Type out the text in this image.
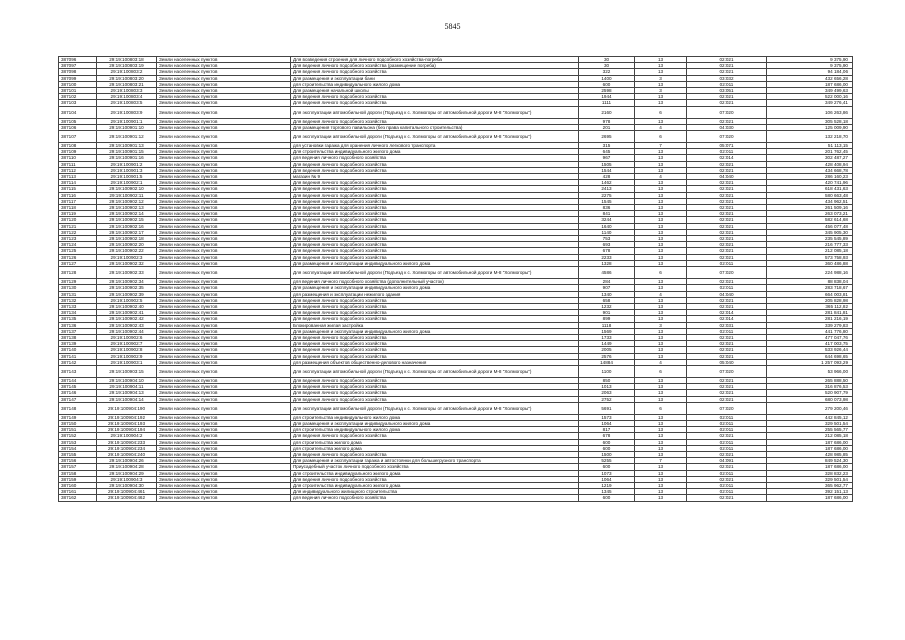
5845
387096	29:19:100803:18	Земли населенных пунктов	Для возведения строения для личного подсобного хозяйства-погреба	30	13	02:021	9 375,90
387097	29:19:100803:19	Земли населенных пунктов	Для ведения личного подсобного хозяйства (размещение погреба)	30	13	02:021	9 375,90
387098	29:19:100803:2	Земли населенных пунктов	Для ведения личного подсобного хозяйства	322	13	02:021	94 184,06
387099	29:19:100803:20	Земли населенных пунктов	Для размещения и эксплуатации бани	1400	3	03:032	432 656,28
387100	29:19:100803:21	Земли населенных пунктов	для строительства индивидуального жилого дома	600	13	02:011	187 686,00
387101	29:19:100803:3	Земли населенных пунктов	Для размещения начальной школы	2598	3	03:051	349 499,63
387102	29:19:100803:4	Земли населенных пунктов	Для ведения личного подсобного хозяйства	1944	13	02:021	522 000,16
387103	29:19:100803:5	Земли населенных пунктов	Для ведения личного подсобного хозяйства	1111	13	02:021	349 276,41
387104	29:19:100803:9	Земли населенных пунктов	Для эксплуатации автомобильной дороги (Подъезд к с. Холмогоры от автомобильной дороги М-8 "Холмогоры")	2160	6	07:020	106 263,86
387105	29:19:100901:1	Земли населенных пунктов	Для ведения личного подсобного хозяйства	978	13	02:021	305 528,18
387106	29:19:100901:10	Земли населенных пунктов	Для размещения торгового павильона (без права капитального строительства)	201	4	04:030	125 009,90
387107	29:19:100901:12	Земли населенных пунктов	Для эксплуатации автомобильной дороги (Подъезд к с. Холмогоры от автомобильной дороги М-8 "Холмогоры")	2695	6	07:020	132 218,70
387108	29:19:100901:13	Земли населенных пунктов	для установки гаража для хранения личного легкового транспорта	315	7	05:071	51 113,15
387109	29:19:100901:15	Земли населенных пунктов	Для строительства индивидуального жилого дома	645	13	02:011	201 762,45
387110	29:19:100901:16	Земли населенных пунктов	для ведения личного подсобного хозяйства	967	13	02:014	302 487,27
387111	29:19:100901:2	Земли населенных пунктов	Для ведения личного подсобного хозяйства	1505	13	02:021	428 408,94
387112	29:19:100901:3	Земли населенных пунктов	Для ведения личного подсобного хозяйства	1544	13	02:021	434 668,78
387113	29:19:100901:5	Земли населенных пунктов	магазин № 9	428	4	04:040	286 160,23
387114	29:19:100902:1	Земли населенных пунктов	Для ведения личного подсобного хозяйства	1462	13	02:021	420 741,96
387115	29:19:100902:10	Земли населенных пунктов	Для ведения личного подсобного хозяйства	2413	13	02:021	618 431,63
387116	29:19:100902:11	Земли населенных пунктов	Для ведения личного подсобного хозяйства	2275	13	02:021	580 663,48
387117	29:19:100902:12	Земли населенных пунктов	Для ведения личного подсобного хозяйства	1545	13	02:021	434 962,51
387118	29:19:100902:13	Земли населенных пунктов	Для ведения личного подсобного хозяйства	836	13	02:021	261 509,16
387119	29:19:100902:14	Земли населенных пунктов	Для ведения личного подсобного хозяйства	841	13	02:021	263 073,21
387120	29:19:100902:15	Земли населенных пунктов	Для ведения личного подсобного хозяйства	3244	13	02:021	582 614,68
387121	29:19:100902:16	Земли населенных пунктов	Для ведения личного подсобного хозяйства	1640	13	02:021	456 077,48
387122	29:19:100902:17	Земли населенных пунктов	Для ведения личного подсобного хозяйства	1140	13	02:021	345 905,30
387123	29:19:100902:18	Земли населенных пунктов	Для ведения личного подсобного хозяйства	753	13	02:021	235 545,89
387124	29:19:100902:20	Земли населенных пунктов	Для ведения личного подсобного хозяйства	693	13	02:021	216 777,33
387125	29:19:100902:22	Земли населенных пунктов	Для ведения личного подсобного хозяйства	678	13	02:021	212 085,18
387126	29:19:100902:3	Земли населенных пунктов	Для ведения личного подсобного хозяйства	2233	13	02:021	573 758,93
387127	29:19:100902:32	Земли населенных пунктов	Для размещения и эксплуатации индивидуального жилого дома	1328	13	02:011	360 486,88
387128	29:19:100902:33	Земли населенных пунктов	Для эксплуатации автомобильной дороги (Подъезд к с. Холмогоры от автомобильной дороги М-8 "Холмогоры")	4586	6	07:020	224 988,16
387129	29:19:100902:34	Земли населенных пунктов	для ведения личного подсобного хозяйства (дополнительный участок)	284	13	02:021	88 838,04
387130	29:19:100902:35	Земли населенных пунктов	Для размещения и эксплуатации индивидуального жилого дома	907	13	02:011	283 718,67
387131	29:19:100902:39	Земли населенных пунктов	для размещения и эксплуатации нежилого здания	1340	4	04:040	664 003,81
387132	29:19:100902:5	Земли населенных пунктов	Для ведения личного подсобного хозяйства	658	13	02:021	205 828,98
387133	29:19:100902:40	Земли населенных пунктов	Для ведения личного подсобного хозяйства	1232	13	02:021	365 112,82
387134	29:19:100902:41	Земли населенных пунктов	Для ведения личного подсобного хозяйства	901	13	02:014	281 841,81
387135	29:19:100902:42	Земли населенных пунктов	Для ведения личного подсобного хозяйства	899	13	02:014	281 216,19
387136	29:19:100902:43	Земли населенных пунктов	Блокированная жилая застройка	1118	3	02:031	339 279,83
387137	29:19:100902:44	Земли населенных пунктов	Для размещения и эксплуатации индивидуального жилого дома	1569	13	02:011	441 776,80
387138	29:19:100902:6	Земли населенных пунктов	Для ведения личного подсобного хозяйства	1733	13	02:021	477 047,76
387139	29:19:100902:7	Земли населенных пунктов	Для ведения личного подсобного хозяйства	1449	13	02:021	417 003,75
387140	29:19:100902:8	Земли населенных пунктов	Для ведения личного подсобного хозяйства	2005	13	02:021	533 926,44
387141	29:19:100902:9	Земли населенных пунктов	Для ведения личного подсобного хозяйства	2576	13	02:021	644 698,65
387142	29:19:100903:1	Земли населенных пунктов	для размещения объектов общественно-делового назначения	14884	4	05:040	1 257 093,29
387143	29:19:100903:15	Земли населенных пунктов	Для эксплуатации автомобильной дороги (Подъезд к с. Холмогоры от автомобильной дороги М-8 "Холмогоры")	1100	6	07:020	53 966,00
387144	29:19:100904:10	Земли населенных пунктов	Для ведения личного подсобного хозяйства	850	13	02:021	265 888,50
387145	29:19:100904:11	Земли населенных пунктов	Для ведения личного подсобного хозяйства	1013	13	02:021	316 876,53
387146	29:19:100904:13	Земли населенных пунктов	Для ведения личного подсобного хозяйства	2063	13	02:021	520 907,79
387147	29:19:100904:14	Земли населенных пунктов	Для ведения личного подсобного хозяйства	2752	13	02:021	680 073,98
387148	29:19:100904:190	Земли населенных пунктов	Для эксплуатации автомобильной дороги (Подъезд к с. Холмогоры от автомобильной дороги М-8 "Холмогоры")	5691	6	07:020	279 200,46
387149	29:19:100904:192	Земли населенных пунктов	для строительства индивидуального жилого дома	1573	13	02:011	442 845,12
387150	29:19:100904:193	Земли населенных пунктов	Для размещения и эксплуатации индивидуального жилого дома	1064	13	02:011	329 501,54
387151	29:19:100904:194	Земли населенных пунктов	для строительства индивидуального жилого дома	817	13	02:011	255 565,77
387152	29:19:100904:2	Земли населенных пунктов	Для ведения личного подсобного хозяйства	678	13	02:021	212 085,18
387153	29:19:100904:233	Земли населенных пунктов	для строительства жилого дома	600	13	02:011	187 686,00
387154	29:19:100904:234	Земли населенных пунктов	для строительства жилого дома	600	13	02:011	187 686,00
387155	29:19:100904:240	Земли населенных пунктов	Для ведения личного подсобного хозяйства	1500	13	02:021	428 985,85
387156	29:19:100904:26	Земли населенных пунктов	Для размещения и эксплуатации гаража и автостоянки для большегрузного транспорта	5255	7	04:091	849 524,30
387157	29:19:100904:28	Земли населенных пунктов	Приусадебный участок личного подсобного хозяйства	600	13	02:021	187 686,00
387158	29:19:100904:29	Земли населенных пунктов	Для строительства индивидуального жилого дома	1073	13	02:011	328 832,23
387159	29:19:100904:3	Земли населенных пунктов	Для ведения личного подсобного хозяйства	1064	13	02:021	329 501,54
387160	29:19:100904:30	Земли населенных пунктов	Для строительства индивидуального жилого дома	1219	13	02:011	365 962,77
387161	29:19:100904:461	Земли населенных пунктов	Для индивидуального жилищного строительства	1345	13	02:011	392 151,13
387162	29:19:100904:462	Земли населенных пунктов	для ведения личного подсобного хозяйства	600	13	02:021	187 686,00
